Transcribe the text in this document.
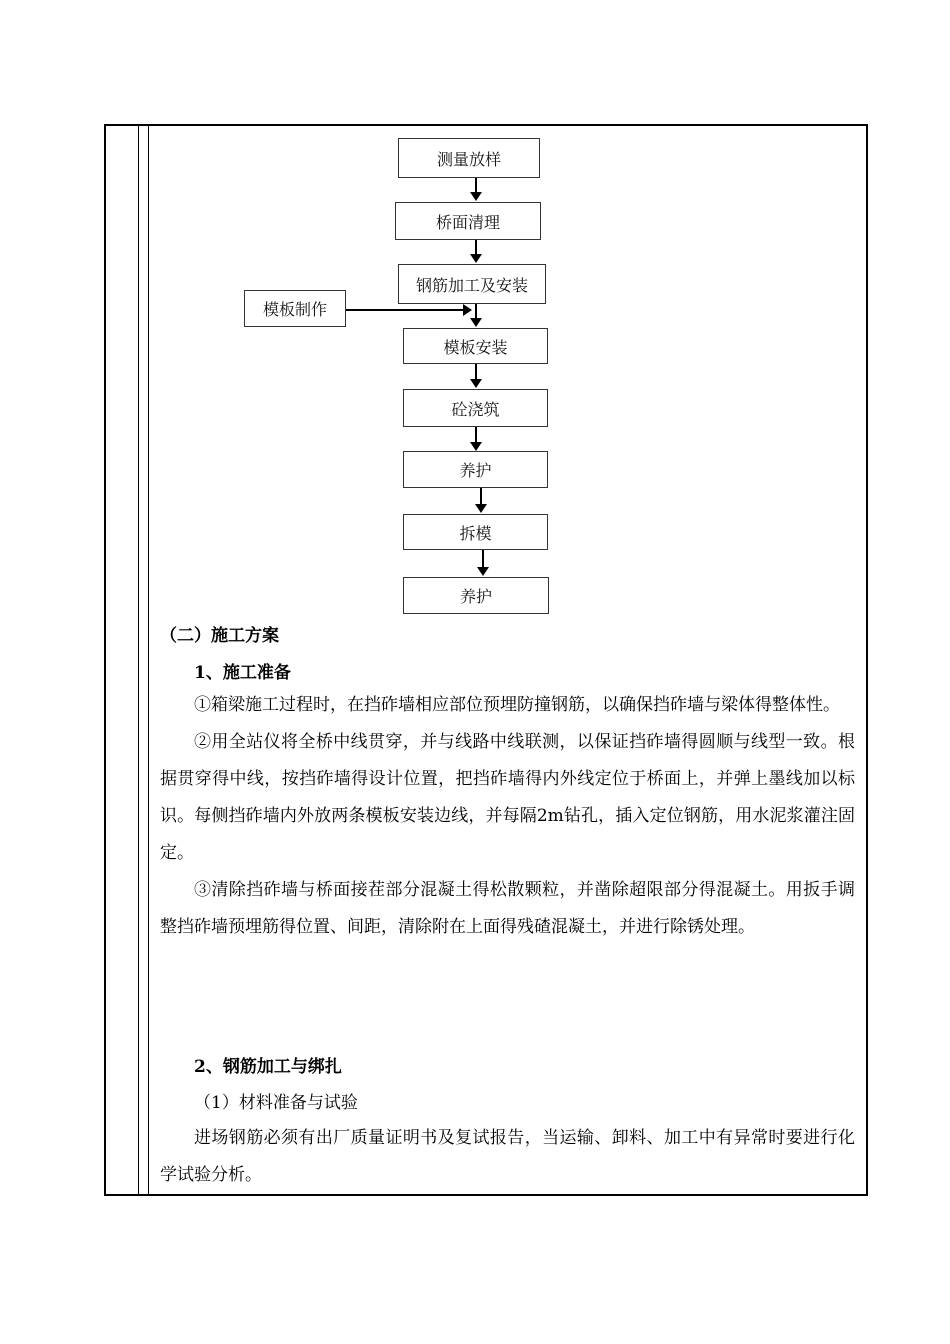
测量放样
桥面清理
钢筋加工及安装
模板制作
模板安装
砼浇筑
养护
拆模
养护
（二）施工方案
1、施工准备

①箱梁施工过程时，在挡砟墙相应部位预埋防撞钢筋，以确保挡砟墙与梁体得整体性。

②用全站仪将全桥中线贯穿，并与线路中线联测，以保证挡砟墙得圆顺与线型一致。根据贯穿得中线，按挡砟墙得设计位置，把挡砟墙得内外线定位于桥面上，并弹上墨线加以标识。每侧挡砟墙内外放两条模板安装边线，并每隔2m钻孔，插入定位钢筋，用水泥浆灌注固定。

③清除挡砟墙与桥面接茬部分混凝土得松散颗粒，并凿除超限部分得混凝土。用扳手调整挡砟墙预埋筋得位置、间距，清除附在上面得残碴混凝土，并进行除锈处理。

2、钢筋加工与绑扎
（1）材料准备与试验

进场钢筋必须有出厂质量证明书及复试报告，当运输、卸料、加工中有异常时要进行化学试验分析。
